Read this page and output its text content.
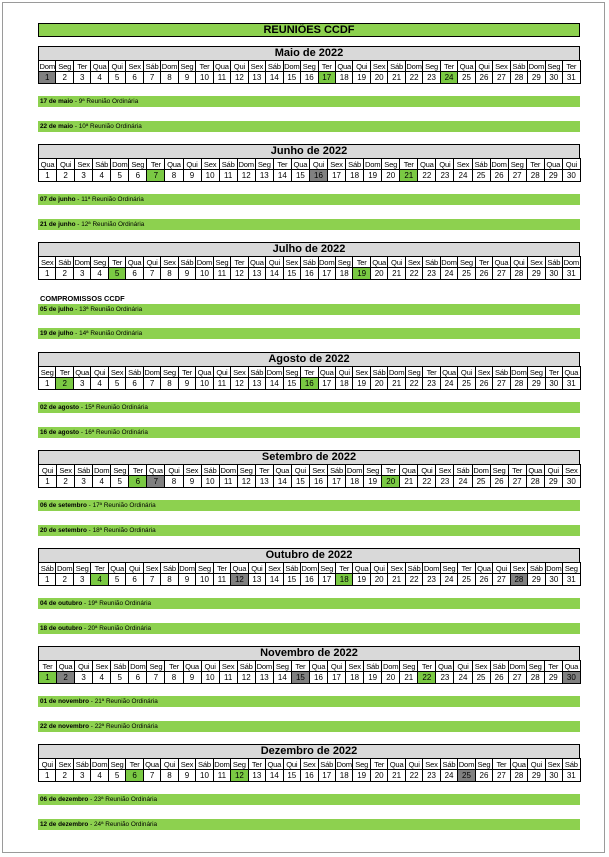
REUNIÕES CCDF
Maio de 2022
Dom	Seg	Ter	Qua	Qui	Sex	Sáb	Dom	Seg	Ter	Qua	Qui	Sex	Sáb	Dom	Seg	Ter	Qua	Qui	Sex	Sáb	Dom	Seg	Ter	Qua	Qui	Sex	Sáb	Dom	Seg	Ter
1	2	3	4	5	6	7	8	9	10	11	12	13	14	15	16	17	18	19	20	21	22	23	24	25	26	27	28	29	30	31
17 de maio - 9ª Reunião Ordinária
22 de maio - 10ª Reunião Ordinária
Junho de 2022
Qua	Qui	Sex	Sáb	Dom	Seg	Ter	Qua	Qui	Sex	Sáb	Dom	Seg	Ter	Qua	Qui	Sex	Sáb	Dom	Seg	Ter	Qua	Qui	Sex	Sáb	Dom	Seg	Ter	Qua	Qui
1	2	3	4	5	6	7	8	9	10	11	12	13	14	15	16	17	18	19	20	21	22	23	24	25	26	27	28	29	30
07 de junho - 11ª Reunião Ordinária
21 de junho - 12ª Reunião Ordinária
Julho de 2022
Sex	Sáb	Dom	Seg	Ter	Qua	Qui	Sex	Sáb	Dom	Seg	Ter	Qua	Qui	Sex	Sáb	Dom	Seg	Ter	Qua	Qui	Sex	Sáb	Dom	Seg	Ter	Qua	Qui	Sex	Sáb	Dom
1	2	3	4	5	6	7	8	9	10	11	12	13	14	15	16	17	18	19	20	21	22	23	24	25	26	27	28	29	30	31
05 de julho - 13ª Reunião Ordinária
19 de julho - 14ª Reunião Ordinária
COMPROMISSOS CCDF
Agosto de 2022
Seg	Ter	Qua	Qui	Sex	Sáb	Dom	Seg	Ter	Qua	Qui	Sex	Sáb	Dom	Seg	Ter	Qua	Qui	Sex	Sáb	Dom	Seg	Ter	Qua	Qui	Sex	Sáb	Dom	Seg	Ter	Qua
1	2	3	4	5	6	7	8	9	10	11	12	13	14	15	16	17	18	19	20	21	22	23	24	25	26	27	28	29	30	31
02 de agosto - 15ª Reunião Ordinária
16 de agosto - 16ª Reunião Ordinária
Setembro de 2022
Qui	Sex	Sáb	Dom	Seg	Ter	Qua	Qui	Sex	Sáb	Dom	Seg	Ter	Qua	Qui	Sex	Sáb	Dom	Seg	Ter	Qua	Qui	Sex	Sáb	Dom	Seg	Ter	Qua	Qui	Sex
1	2	3	4	5	6	7	8	9	10	11	12	13	14	15	16	17	18	19	20	21	22	23	24	25	26	27	28	29	30
06 de setembro - 17ª Reunião Ordinária
20 de setembro - 18ª Reunião Ordinária
Outubro de 2022
Sáb	Dom	Seg	Ter	Qua	Qui	Sex	Sáb	Dom	Seg	Ter	Qua	Qui	Sex	Sáb	Dom	Seg	Ter	Qua	Qui	Sex	Sáb	Dom	Seg	Ter	Qua	Qui	Sex	Sáb	Dom	Seg
1	2	3	4	5	6	7	8	9	10	11	12	13	14	15	16	17	18	19	20	21	22	23	24	25	26	27	28	29	30	31
04 de outubro - 19ª Reunião Ordinária
18 de outubro - 20ª Reunião Ordinária
Novembro de 2022
Ter	Qua	Qui	Sex	Sáb	Dom	Seg	Ter	Qua	Qui	Sex	Sáb	Dom	Seg	Ter	Qua	Qui	Sex	Sáb	Dom	Seg	Ter	Qua	Qui	Sex	Sáb	Dom	Seg	Ter	Qua
1	2	3	4	5	6	7	8	9	10	11	12	13	14	15	16	17	18	19	20	21	22	23	24	25	26	27	28	29	30
01 de novembro - 21ª Reunião Ordinária
22 de novembro - 22ª Reunião Ordinária
Dezembro de 2022
Qui	Sex	Sáb	Dom	Seg	Ter	Qua	Qui	Sex	Sáb	Dom	Seg	Ter	Qua	Qui	Sex	Sáb	Dom	Seg	Ter	Qua	Qui	Sex	Sáb	Dom	Seg	Ter	Qua	Qui	Sex	Sáb
1	2	3	4	5	6	7	8	9	10	11	12	13	14	15	16	17	18	19	20	21	22	23	24	25	26	27	28	29	30	31
06 de dezembro - 23ª Reunião Ordinária
12 de dezembro - 24ª Reunião Ordinária
